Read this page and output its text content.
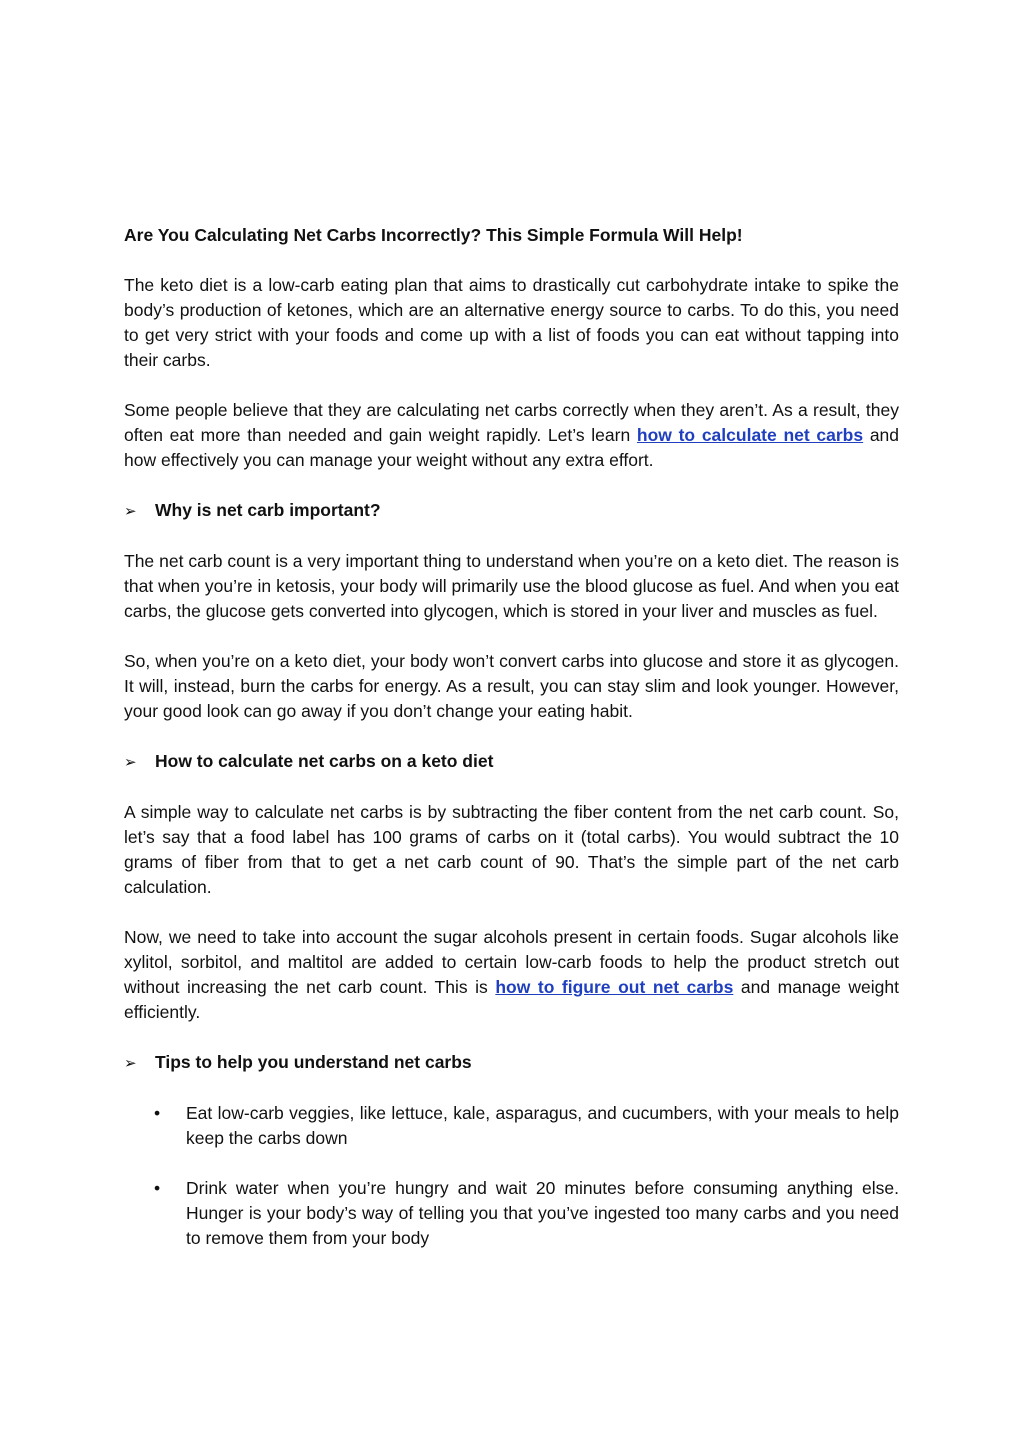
Are You Calculating Net Carbs Incorrectly? This Simple Formula Will Help!

The keto diet is a low-carb eating plan that aims to drastically cut carbohydrate intake to spike the body’s production of ketones, which are an alternative energy source to carbs. To do this, you need to get very strict with your foods and come up with a list of foods you can eat without tapping into their carbs.

Some people believe that they are calculating net carbs correctly when they aren’t. As a result, they often eat more than needed and gain weight rapidly. Let’s learn how to calculate net carbs and how effectively you can manage your weight without any extra effort.

➢	Why is net carb important?

The net carb count is a very important thing to understand when you’re on a keto diet. The reason is that when you’re in ketosis, your body will primarily use the blood glucose as fuel. And when you eat carbs, the glucose gets converted into glycogen, which is stored in your liver and muscles as fuel.

So, when you’re on a keto diet, your body won’t convert carbs into glucose and store it as glycogen. It will, instead, burn the carbs for energy. As a result, you can stay slim and look younger. However, your good look can go away if you don’t change your eating habit.

➢	How to calculate net carbs on a keto diet

A simple way to calculate net carbs is by subtracting the fiber content from the net carb count. So, let’s say that a food label has 100 grams of carbs on it (total carbs). You would subtract the 10 grams of fiber from that to get a net carb count of 90. That’s the simple part of the net carb calculation.

Now, we need to take into account the sugar alcohols present in certain foods. Sugar alcohols like xylitol, sorbitol, and maltitol are added to certain low-carb foods to help the product stretch out without increasing the net carb count. This is how to figure out net carbs and manage weight efficiently.

➢	Tips to help you understand net carbs
• Eat low-carb veggies, like lettuce, kale, asparagus, and cucumbers, with your meals to help keep the carbs down
• Drink water when you’re hungry and wait 20 minutes before consuming anything else. Hunger is your body’s way of telling you that you’ve ingested too many carbs and you need to remove them from your body
